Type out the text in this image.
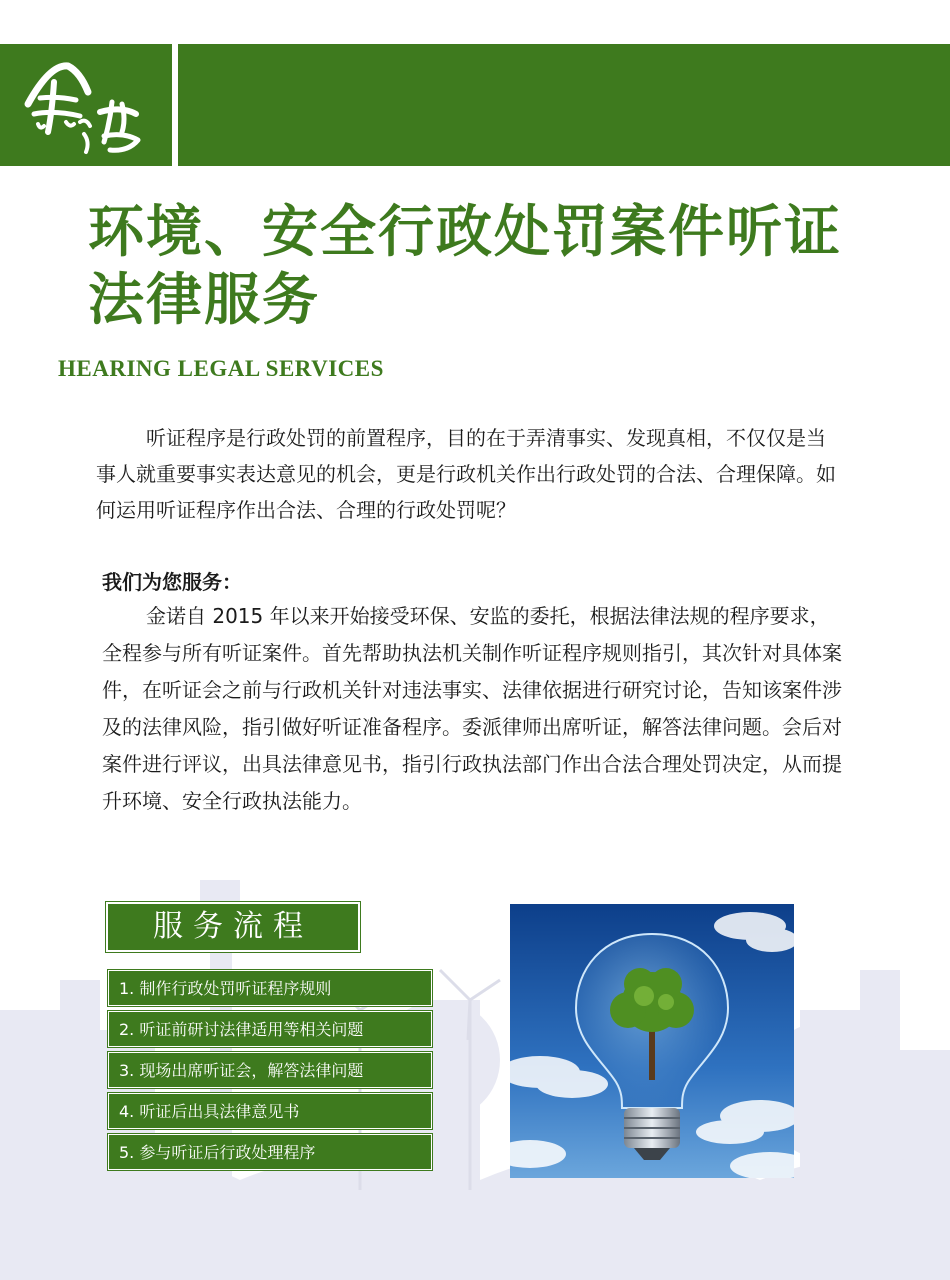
环境、安全行政处罚案件听证
法律服务
HEARING LEGAL SERVICES

听证程序是行政处罚的前置程序，目的在于弄清事实、发现真相，不仅仅是当事人就重要事实表达意见的机会，更是行政机关作出行政处罚的合法、合理保障。如何运用听证程序作出合法、合理的行政处罚呢？

我们为您服务：

金诺自 2015 年以来开始接受环保、安监的委托，根据法律法规的程序要求，全程参与所有听证案件。首先帮助执法机关制作听证程序规则指引，其次针对具体案件，在听证会之前与行政机关针对违法事实、法律依据进行研究讨论，告知该案件涉及的法律风险，指引做好听证准备程序。委派律师出席听证，解答法律问题。会后对案件进行评议，出具法律意见书，指引行政执法部门作出合法合理处罚决定，从而提升环境、安全行政执法能力。

服务流程
1. 制作行政处罚听证程序规则
2. 听证前研讨法律适用等相关问题
3. 现场出席听证会，解答法律问题
4. 听证后出具法律意见书
5. 参与听证后行政处理程序
